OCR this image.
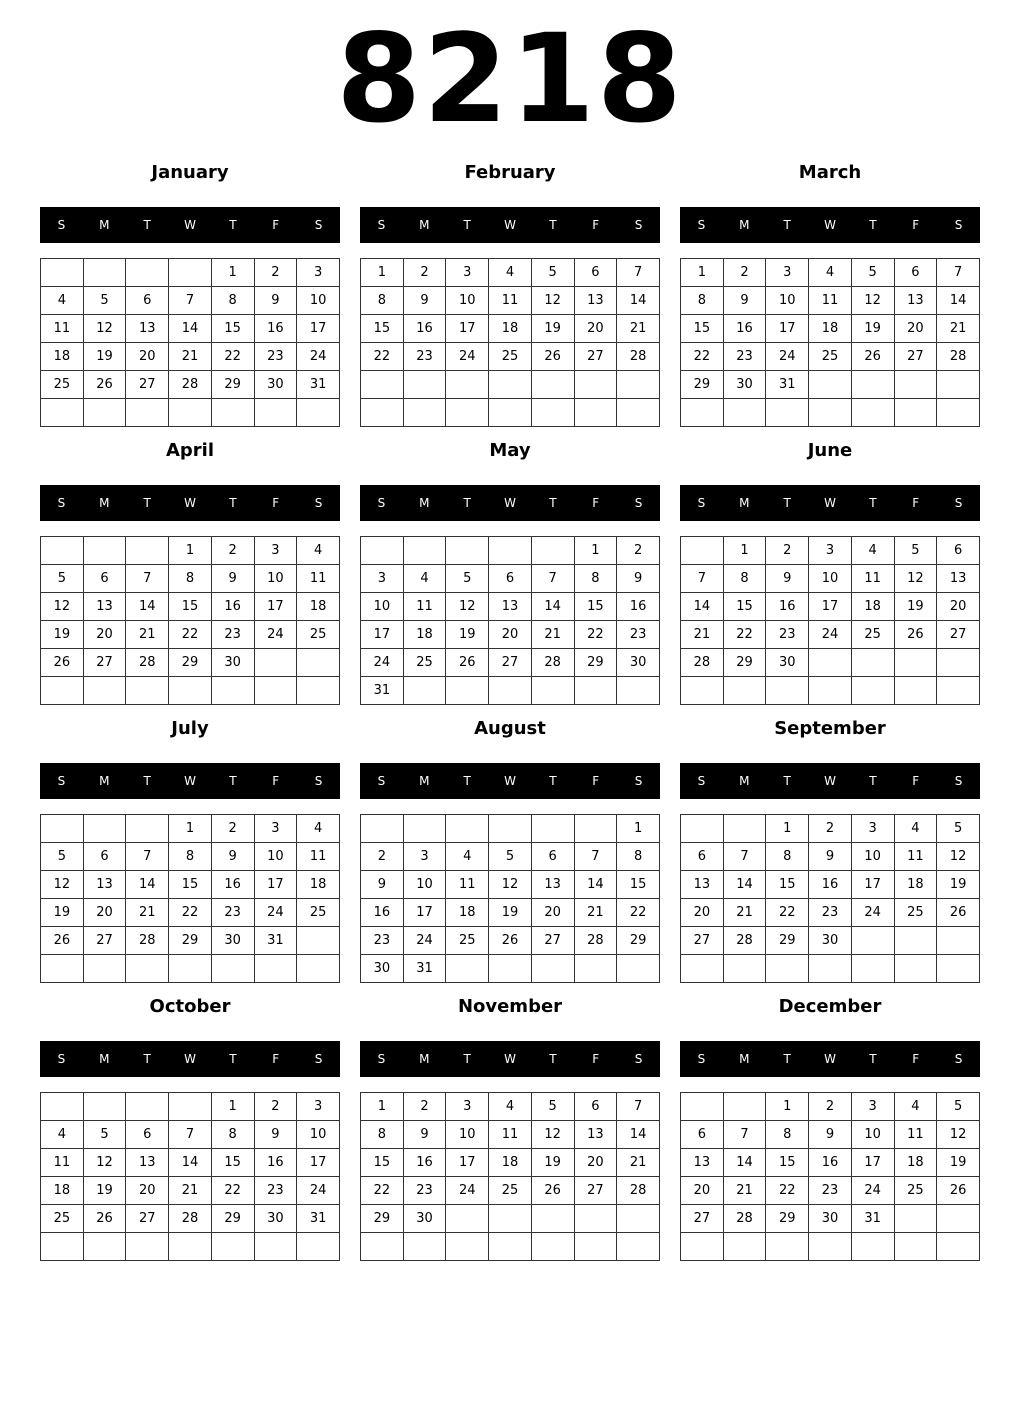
8218
January
S	M	T	W	T	F	S
				1	2	3
4	5	6	7	8	9	10
11	12	13	14	15	16	17
18	19	20	21	22	23	24
25	26	27	28	29	30	31

February
S	M	T	W	T	F	S
1	2	3	4	5	6	7
8	9	10	11	12	13	14
15	16	17	18	19	20	21
22	23	24	25	26	27	28

March
S	M	T	W	T	F	S
1	2	3	4	5	6	7
8	9	10	11	12	13	14
15	16	17	18	19	20	21
22	23	24	25	26	27	28
29	30	31				

April
S	M	T	W	T	F	S
			1	2	3	4
5	6	7	8	9	10	11
12	13	14	15	16	17	18
19	20	21	22	23	24	25
26	27	28	29	30		

May
S	M	T	W	T	F	S
					1	2
3	4	5	6	7	8	9
10	11	12	13	14	15	16
17	18	19	20	21	22	23
24	25	26	27	28	29	30
31						
June
S	M	T	W	T	F	S
	1	2	3	4	5	6
7	8	9	10	11	12	13
14	15	16	17	18	19	20
21	22	23	24	25	26	27
28	29	30				

July
S	M	T	W	T	F	S
			1	2	3	4
5	6	7	8	9	10	11
12	13	14	15	16	17	18
19	20	21	22	23	24	25
26	27	28	29	30	31	

August
S	M	T	W	T	F	S
						1
2	3	4	5	6	7	8
9	10	11	12	13	14	15
16	17	18	19	20	21	22
23	24	25	26	27	28	29
30	31					
September
S	M	T	W	T	F	S
		1	2	3	4	5
6	7	8	9	10	11	12
13	14	15	16	17	18	19
20	21	22	23	24	25	26
27	28	29	30			

October
S	M	T	W	T	F	S
				1	2	3
4	5	6	7	8	9	10
11	12	13	14	15	16	17
18	19	20	21	22	23	24
25	26	27	28	29	30	31

November
S	M	T	W	T	F	S
1	2	3	4	5	6	7
8	9	10	11	12	13	14
15	16	17	18	19	20	21
22	23	24	25	26	27	28
29	30					

December
S	M	T	W	T	F	S
		1	2	3	4	5
6	7	8	9	10	11	12
13	14	15	16	17	18	19
20	21	22	23	24	25	26
27	28	29	30	31		
